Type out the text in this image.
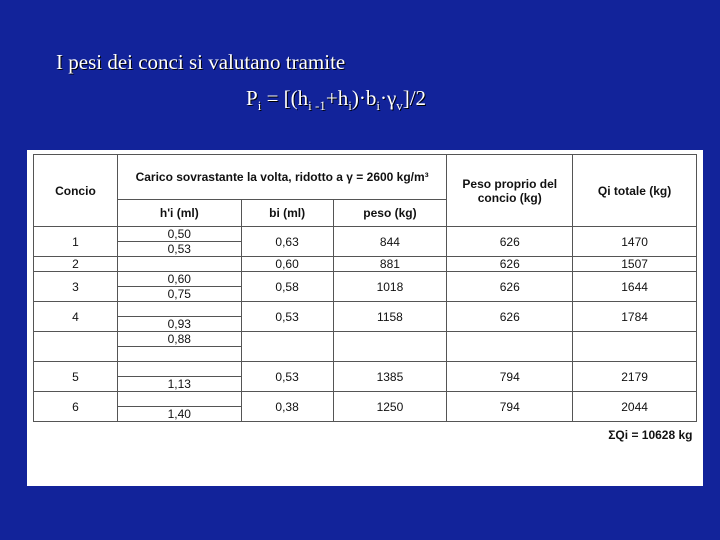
I pesi dei conci si valutano tramite
$P_i = [(h_{i -1}+h_i)\cdot b_i\cdot\gamma_v]/2$
Concio	Carico sovrastante la volta, ridotto a γ = 2600 kg/m³			Peso proprio del concio (kg)	Qi totale (kg)
	h'i (ml)	bi (ml)	peso (kg)		
1	0,50	0,63	844	626	1470
	0,53				
2		0,60	881	626	1507
3	0,60	0,58	1018	626	1644
	0,75				
4		0,53	1158	626	1784
	0,93				
	0,88				

5		0,53	1385	794	2179
	1,13				
6		0,38	1250	794	2044
	1,40				
					ΣQi = 10628 kg
